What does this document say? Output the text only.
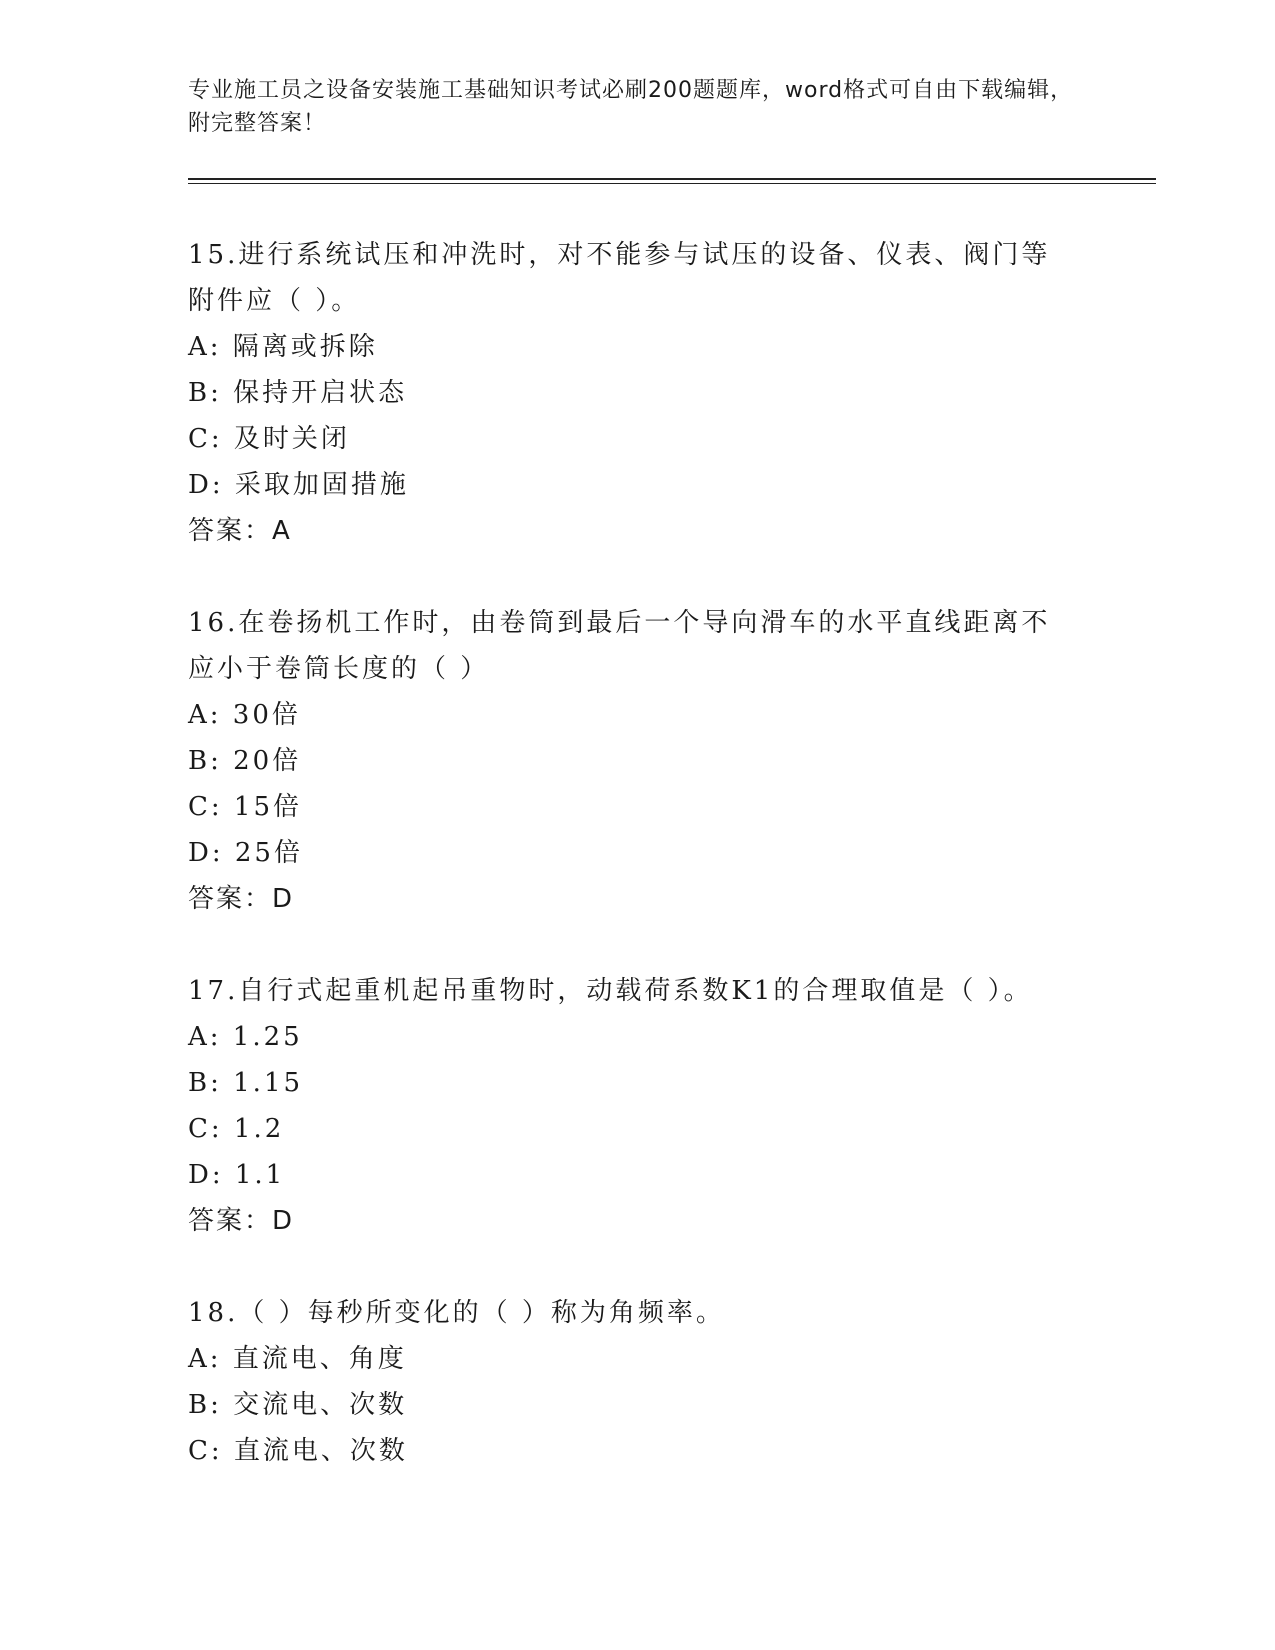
专业施工员之设备安装施工基础知识考试必刷200题题库，word格式可自由下载编辑，附完整答案！

15.进行系统试压和冲洗时，对不能参与试压的设备、仪表、阀门等附件应（ ）。

A: 隔离或拆除

B: 保持开启状态

C: 及时关闭

D: 采取加固措施

答案：A

16.在卷扬机工作时，由卷筒到最后一个导向滑车的水平直线距离不应小于卷筒长度的（ ）

A: 30倍

B: 20倍

C: 15倍

D: 25倍

答案：D

17.自行式起重机起吊重物时，动载荷系数K1的合理取值是（ ）。

A: 1.25

B: 1.15

C: 1.2

D: 1.1

答案：D

18.（ ）每秒所变化的（ ）称为角频率。

A: 直流电、角度

B: 交流电、次数

C: 直流电、次数
